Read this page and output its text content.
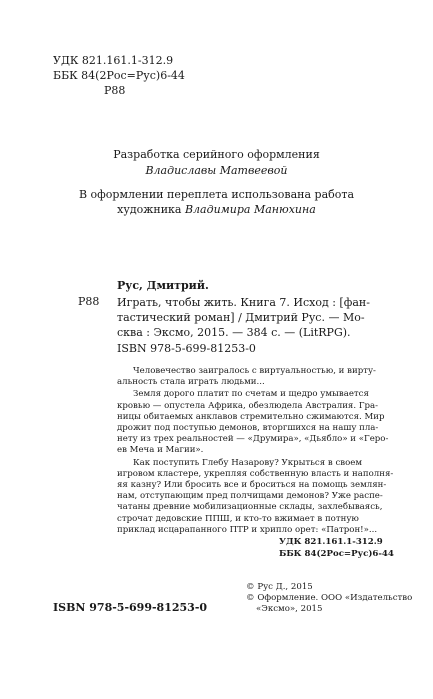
УДК 821.161.1-312.9
ББК 84(2Рос=Рус)6-44
Р88
Разработка серийного оформления
Владиславы Матвеевой
В оформлении переплета использована работа
художника Владимира Манюхина
Рус, Дмитрий.
Р88 Играть, чтобы жить. Книга 7. Исход : [фан-
тастический роман] / Дмитрий Рус. — Мо-
сква : Эксмо, 2015. — 384 с. — (LitRPG).
ISBN 978-5-699-81253-0
Человечество заигралось с виртуальностью, и вирту-
альность стала играть людьми...
Земля дорого платит по счетам и щедро умывается
кровью — опустела Африка, обезлюдела Австралия. Гра-
ницы обитаемых анклавов стремительно сжимаются. Мир
дрожит под поступью демонов, вторгшихся на нашу пла-
нету из трех реальностей — «Друмира», «Дьябло» и «Геро-
ев Меча и Магии».
Как поступить Глебу Назарову? Укрыться в своем
игровом кластере, укрепляя собственную власть и наполня-
яя казну? Или бросить все и броситься на помощь землян-
нам, отступающим пред полчищами демонов? Уже распе-
чатаны древние мобилизационные склады, захлебываясь,
строчат дедовские ППШ, и кто-то вжимает в потную
приклад исцарапанного ПТР и хрипло орет: «Патрон!»...
УДК 821.161.1-312.9
ББК 84(2Рос=Рус)6-44
ISBN 978-5-699-81253-0
© Рус Д., 2015
© Оформление. ООО «Издательство
«Эксмо», 2015
